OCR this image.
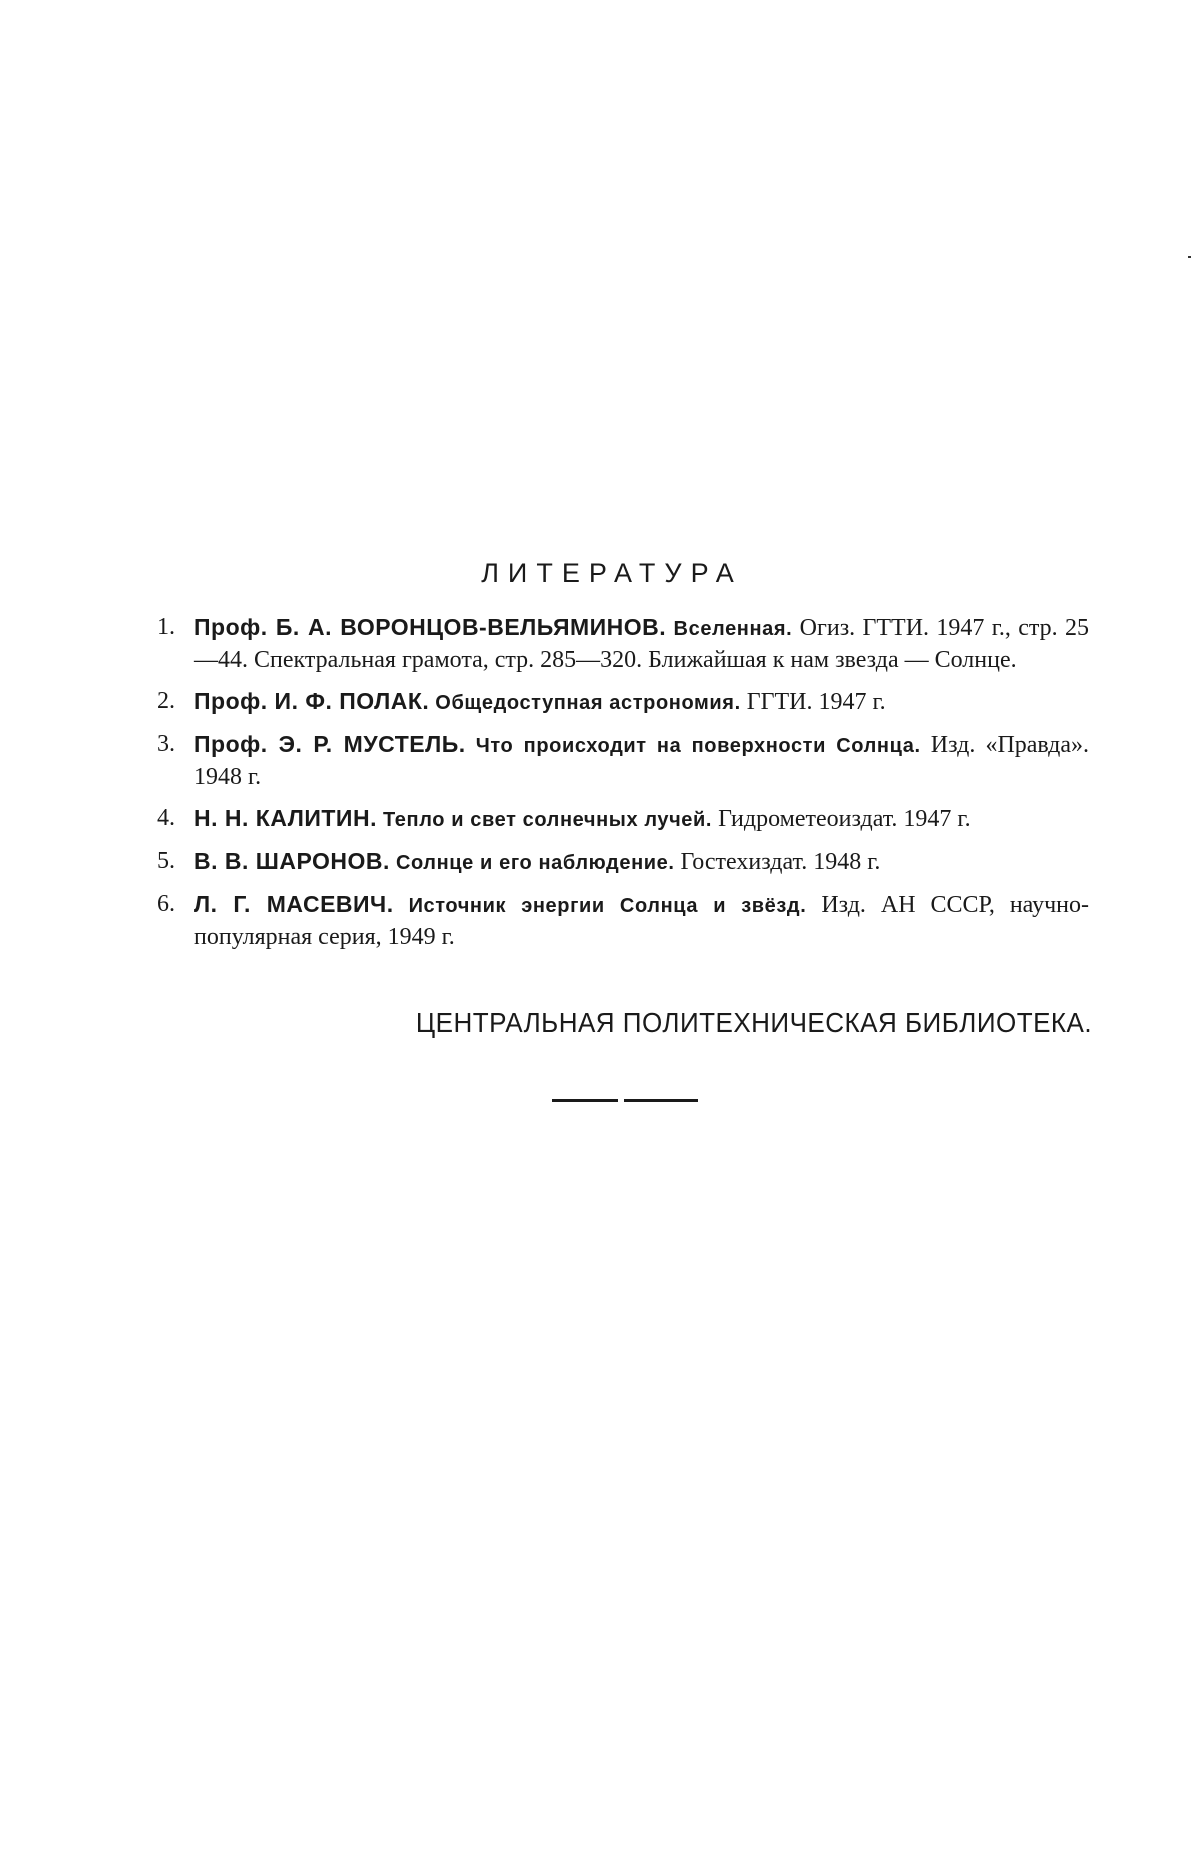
ЛИТЕРАТУРА
1. Проф. Б. А. ВОРОНЦОВ-ВЕЛЬЯМИНОВ. Вселенная. Огиз. ГТТИ. 1947 г., стр. 25—44. Спектральная грамота, стр. 285—320. Ближайшая к нам звезда — Солнце.
2. Проф. И. Ф. ПОЛАК. Общедоступная астрономия. ГГТИ. 1947 г.
3. Проф. Э. Р. МУСТЕЛЬ. Что происходит на поверхности Солнца. Изд. «Правда». 1948 г.
4. Н. Н. КАЛИТИН. Тепло и свет солнечных лучей. Гидрометеоиздат. 1947 г.
5. В. В. ШАРОНОВ. Солнце и его наблюдение. Гостехиздат. 1948 г.
6. Л. Г. МАСЕВИЧ. Источник энергии Солнца и звёзд. Изд. АН СССР, научно-популярная серия, 1949 г.
ЦЕНТРАЛЬНАЯ ПОЛИТЕХНИЧЕСКАЯ БИБЛИОТЕКА.
